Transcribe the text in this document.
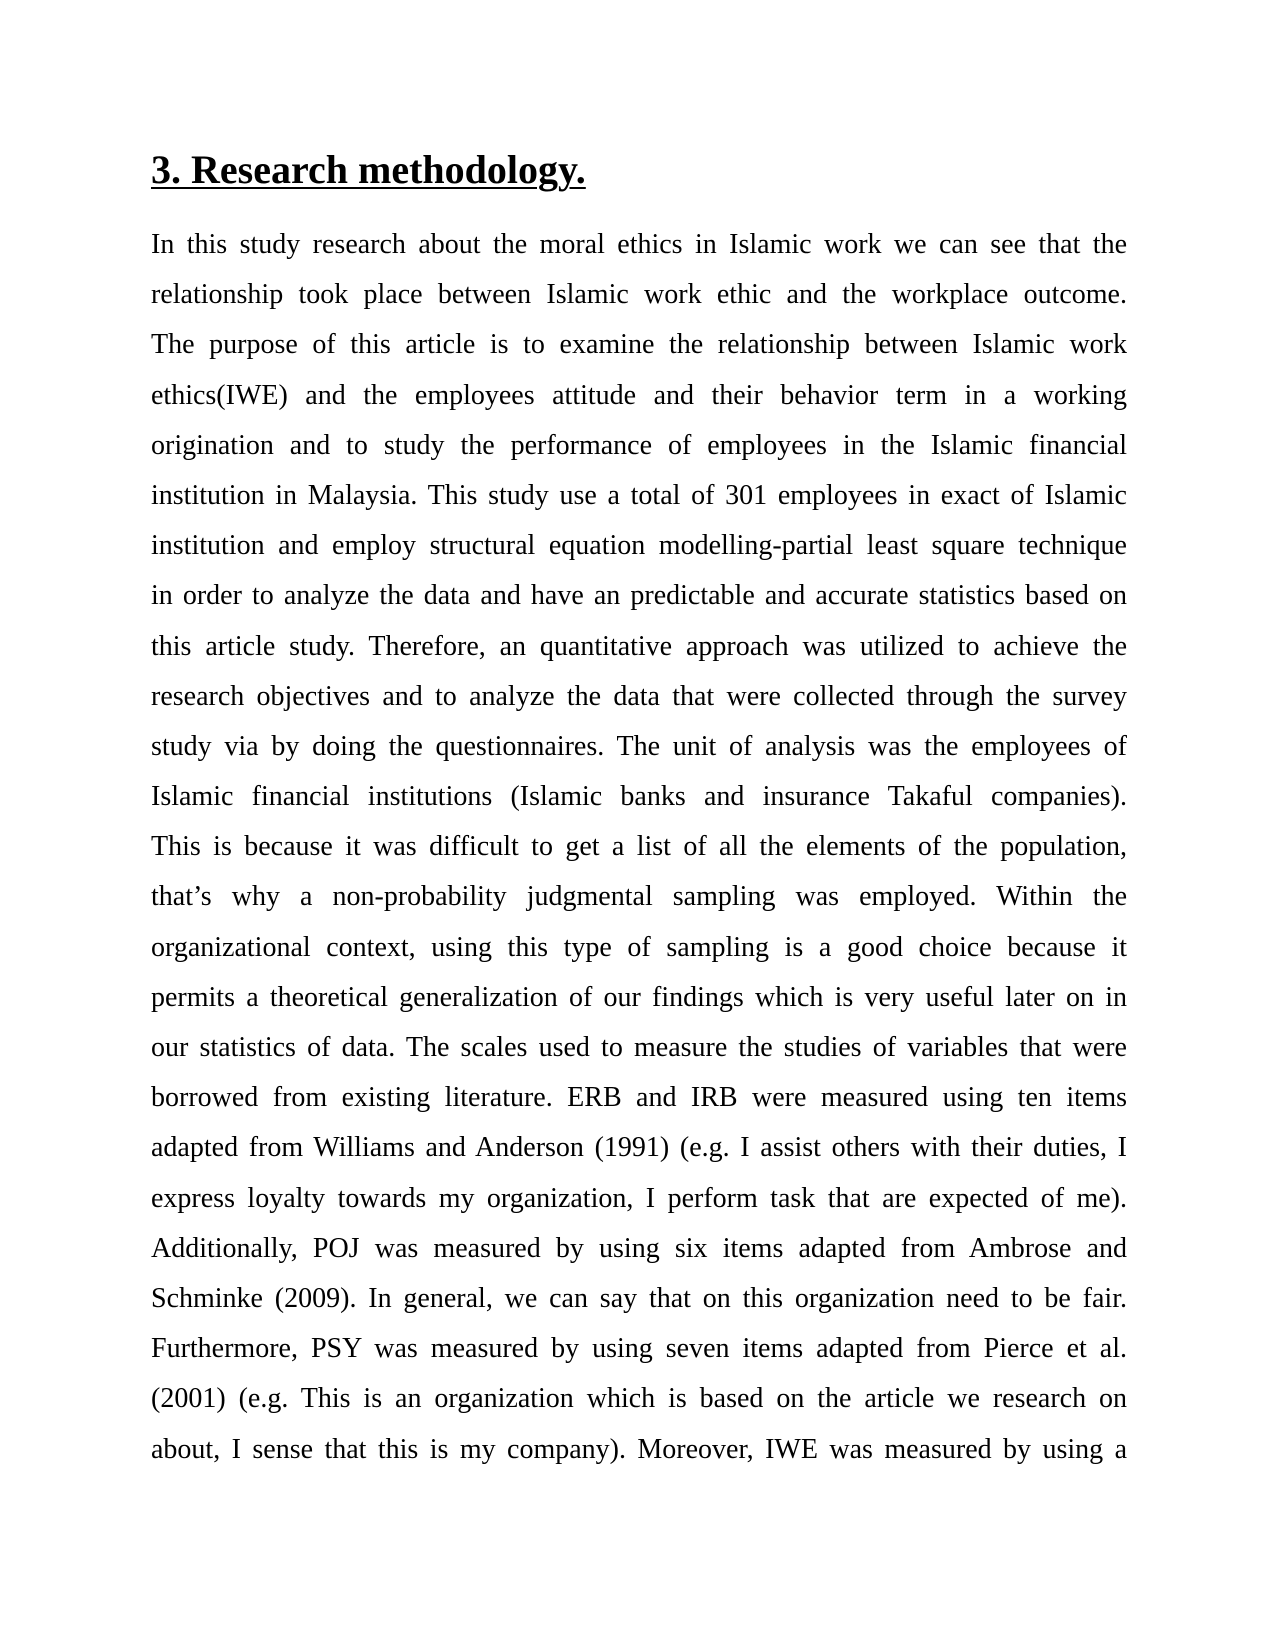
3. Research methodology.
In this study research about the moral ethics in Islamic work we can see that the
relationship took place between Islamic work ethic and the workplace outcome.
The purpose of this article is to examine the relationship between Islamic work
ethics(IWE) and the employees attitude and their behavior term in a working
origination and to study the performance of employees in the Islamic financial
institution in Malaysia. This study use a total of 301 employees in exact of Islamic
institution and employ structural equation modelling-partial least square technique
in order to analyze the data and have an predictable and accurate statistics based on
this article study. Therefore, an quantitative approach was utilized to achieve the
research objectives and to analyze the data that were collected through the survey
study via by doing the questionnaires. The unit of analysis was the employees of
Islamic financial institutions (Islamic banks and insurance Takaful companies).
This is because it was difficult to get a list of all the elements of the population,
that’s why a non-probability judgmental sampling was employed. Within the
organizational context, using this type of sampling is a good choice because it
permits a theoretical generalization of our findings which is very useful later on in
our statistics of data. The scales used to measure the studies of variables that were
borrowed from existing literature. ERB and IRB were measured using ten items
adapted from Williams and Anderson (1991) (e.g. I assist others with their duties, I
express loyalty towards my organization, I perform task that are expected of me).
Additionally, POJ was measured by using six items adapted from Ambrose and
Schminke (2009). In general, we can say that on this organization need to be fair.
Furthermore, PSY was measured by using seven items adapted from Pierce et al.
(2001) (e.g. This is an organization which is based on the article we research on
about, I sense that this is my company). Moreover, IWE was measured by using a
